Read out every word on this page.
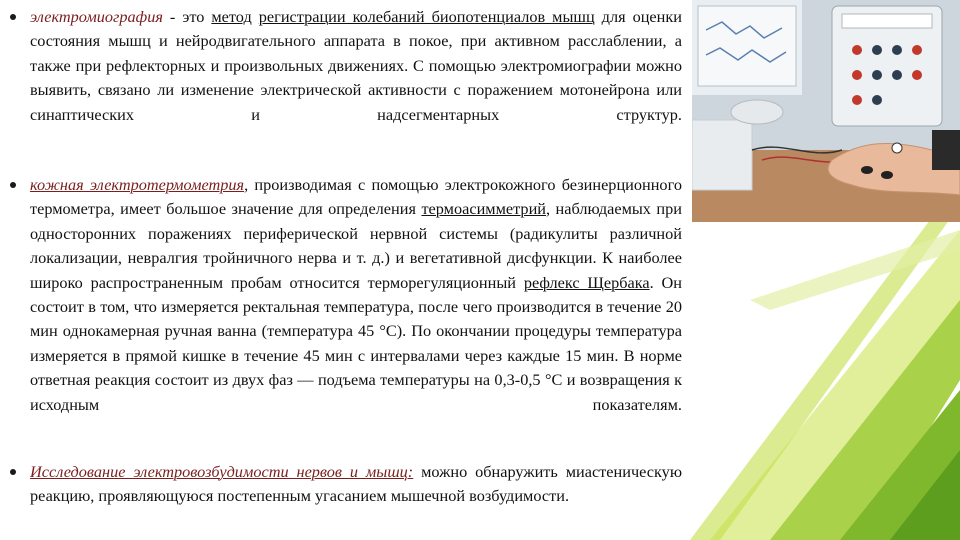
электромиография - это метод регистрации колебаний биопотенциалов мышц для оценки состояния мышц и нейродвигательного аппарата в покое, при активном расслаблении, а также при рефлекторных и произвольных движениях. С помощью электромиографии можно выявить, связано ли изменение электрической активности с поражением мотонейрона или синаптических и надсегментарных структур.

кожная электротермометрия, производимая с помощью электрокожного безинерционного термометра, имеет большое значение для определения термоасимметрий, наблюдаемых при односторонних поражениях периферической нервной системы (радикулиты различной локализации, невралгия тройничного нерва и т. д.) и вегетативной дисфункции. К наиболее широко распространенным пробам относится терморегуляционный рефлекс Щербака. Он состоит в том, что измеряется ректальная температура, после чего производится в течение 20 мин однокамерная ручная ванна (температура 45 °С). По окончании процедуры температура измеряется в прямой кишке в течение 45 мин с интервалами через каждые 15 мин. В норме ответная реакция состоит из двух фаз — подъема температуры на 0,3-0,5 °С и возвращения к исходным показателям.

Исследование электровозбудимости нервов и мышц: можно обнаружить миастеническую реакцию, проявляющуюся постепенным угасанием мышечной возбудимости.
